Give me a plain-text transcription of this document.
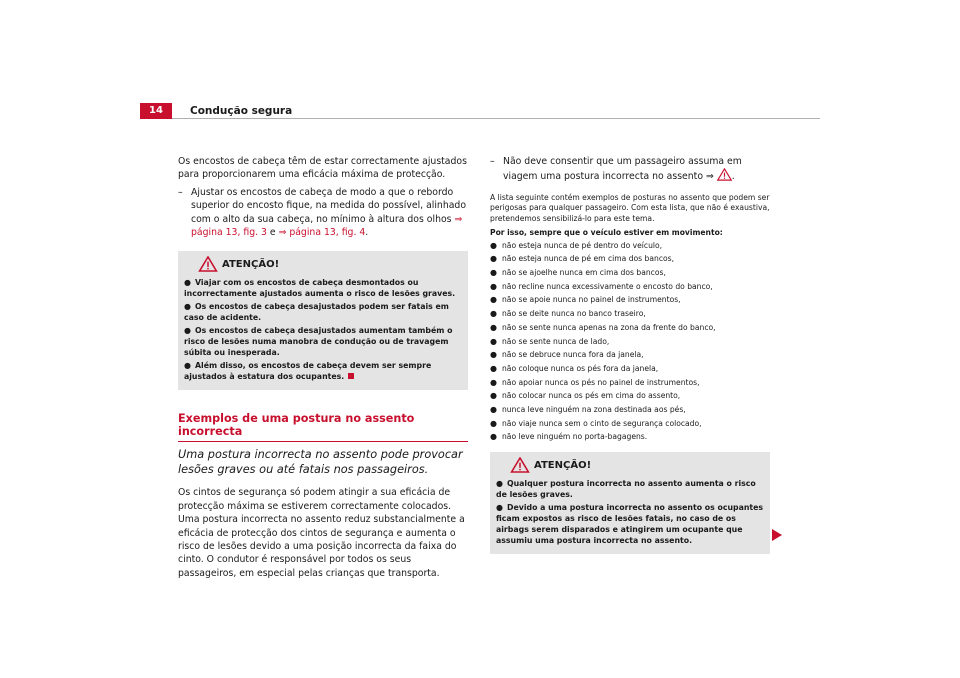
14	Condução segura

Os encostos de cabeça têm de estar correctamente ajustados para proporcionarem uma eficácia máxima de protecção.

– Ajustar os encostos de cabeça de modo a que o rebordo superior do encosto fique, na medida do possível, alinhado com o alto da sua cabeça, no mínimo à altura dos olhos ⇒ página 13, fig. 3 e ⇒ página 13, fig. 4.
ATENÇÃO!
● Viajar com os encostos de cabeça desmontados ou incorrectamente ajustados aumenta o risco de lesões graves.
● Os encostos de cabeça desajustados podem ser fatais em caso de acidente.
● Os encostos de cabeça desajustados aumentam também o risco de lesões numa manobra de condução ou de travagem súbita ou inesperada.
● Além disso, os encostos de cabeça devem ser sempre ajustados à estatura dos ocupantes.
Exemplos de uma postura no assento incorrecta

Uma postura incorrecta no assento pode provocar lesões graves ou até fatais nos passageiros.

Os cintos de segurança só podem atingir a sua eficácia de protecção máxima se estiverem correctamente colocados. Uma postura incorrecta no assento reduz substancialmente a eficácia de protecção dos cintos de segurança e aumenta o risco de lesões devido a uma posição incorrecta da faixa do cinto. O condutor é responsável por todos os seus passageiros, em especial pelas crianças que transporta.

– Não deve consentir que um passageiro assuma em viagem uma postura incorrecta no assento ⇒ .

A lista seguinte contém exemplos de posturas no assento que podem ser perigosas para qualquer passageiro. Com esta lista, que não é exaustiva, pretendemos sensibilizá-lo para este tema.

Por isso, sempre que o veículo estiver em movimento:

● não esteja nunca de pé dentro do veículo,
● não esteja nunca de pé em cima dos bancos,
● não se ajoelhe nunca em cima dos bancos,
● não recline nunca excessivamente o encosto do banco,
● não se apoie nunca no painel de instrumentos,
● não se deite nunca no banco traseiro,
● não se sente nunca apenas na zona da frente do banco,
● não se sente nunca de lado,
● não se debruce nunca fora da janela,
● não coloque nunca os pés fora da janela,
● não apoiar nunca os pés no painel de instrumentos,
● não colocar nunca os pés em cima do assento,
● nunca leve ninguém na zona destinada aos pés,
● não viaje nunca sem o cinto de segurança colocado,
● não leve ninguém no porta-bagagens.
ATENÇÃO!
● Qualquer postura incorrecta no assento aumenta o risco de lesões graves.
● Devido a uma postura incorrecta no assento os ocupantes ficam expostos as risco de lesões fatais, no caso de os airbags serem disparados e atingirem um ocupante que assumiu uma postura incorrecta no assento.
